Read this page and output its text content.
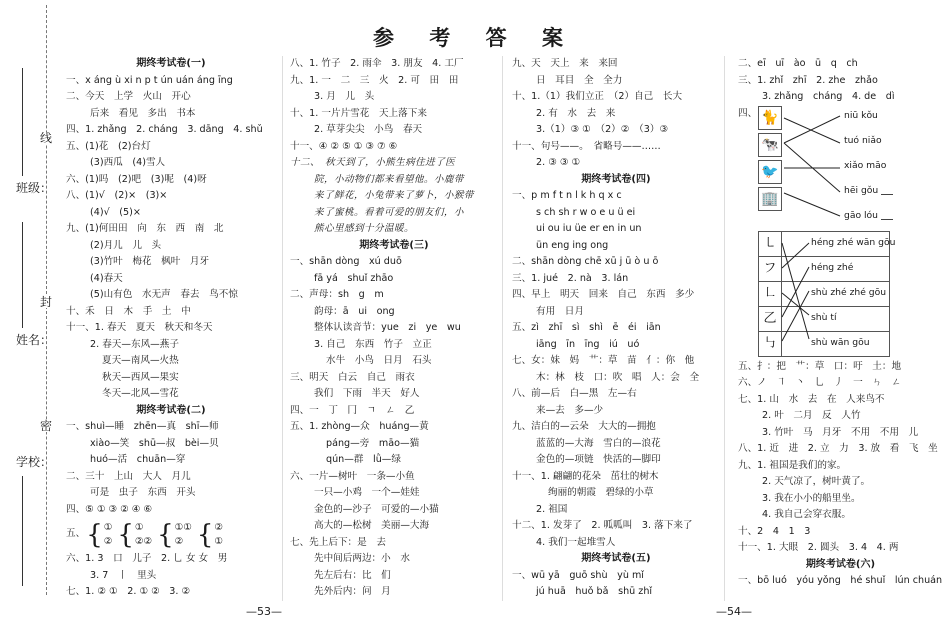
班级：
线
封
姓名：
密
学校：
参 考 答 案
期终考试卷(一)
一、x áng ù xi n p t ún uán áng īng
二、今天　上学　火山　开心
后来　看见　多出　书本
四、1. zhǎng　2. cháng　3. dāng　4. shǔ
五、(1)花　(2)台灯
(3)西瓜　(4)雪人
六、(1)吗　(2)吧　(3)呢　(4)呀
八、(1)√　(2)×　(3)×
(4)√　(5)×
九、(1)何田田　向　东　西　南　北
(2)月儿　儿　头
(3)竹叶　梅花　枫叶　月牙
(4)春天
(5)山有色　水无声　春去　鸟不惊
十、禾　日　木　手　土　中
十一、1. 春天　夏天　秋天和冬天
2. 春天—东风—燕子
夏天—南风—火热
秋天—西风—果实
冬天—北风—雪花
期终考试卷(二)
一、shuì—睡　zhēn—真　shī—师
xiào—笑　shū—叔　bèi—贝
huó—活　chuān—穿
二、三十　上山　大人　月儿
可是　虫子　东西　开头
四、⑤ ① ③ ② ④ ⑥
五、 { ①
② { ①
②② { ①①
② { ②
①
六、1. 3　口　儿子　2. 乚 女 女　男
3. 7　丨　里头
七、1. ② ①　2. ① ②　3. ②
八、1. 竹子　2. 雨伞　3. 朋友　4. 工厂
九、1. 一　二　三　火　2. 可　田　田
3. 月　儿　头
十、1. 一片片雪花　天上落下来
2. 草芽尖尖　小鸟　春天
十一、④ ② ⑤ ① ③ ⑦ ⑥
十二、　秋天到了，小熊生病住进了医
院，小动物们都来看望他。小鹿带
来了鲜花，小兔带来了萝卜，小猴带
来了蜜桃。看着可爱的朋友们，小
熊心里感到十分温暖。
期终考试卷(三)
一、shān dòng　xú duō
fā yá　shuǐ zhāo
二、声母：sh　g　m
韵母：ā　ui　ong
整体认读音节：yue　zi　ye　wu
3. 自己　东西　竹子　立正
水牛　小鸟　日月　石头
三、明天　白云　自己　雨衣
我们　下雨　半天　好人
四、一　丁　冂　ㄱ　ㄥ　乙
五、1. zhòng—众　huáng—黄
páng—旁　māo—猫
qún—群　lǜ—绿
六、一片—树叶　一条—小鱼
一只—小鸡　一个—娃娃
金色的—沙子　可爱的—小猫
高大的—松树　美丽—大海
七、先上后下：是　去
先中间后两边：小　水
先左后右：比　们
先外后内：问　月
九、天　天上　来　来回
日　耳目　全　全力
十、1.（1）我们立正　（2）自己　长大
2. 有　水　去　来
3.（1）③ ①　（2）②　（3）③
十一、句号——。　省略号——……
2. ③ ③ ①
期终考试卷(四)
一、p m f t n l k h q x c
s ch sh r w o e u ü ei
ui ou iu üe er en in un
ün eng ing ong
二、shān dòng chē xū j ū ò u ō
三、1. jué　2. nà　3. lán
四、早上　明天　回来　自己　东西　多少
有用　日月
五、zì　zhī　sì　shì　ē　éi　iān
iāng　īn　īng　iú　uó
七、女：妹　妈　艹：草　苗　亻：你　他
木：林　枝　口：吹　唱　人：会　全
八、前—后　白—黑　左—右
来—去　多—少
九、洁白的—云朵　大大的—拥抱
蓝蓝的—大海　雪白的—浪花
金色的—项链　快活的—脚印
十一、1. 翩翩的花朵　茁壮的树木
绚丽的朝霞　碧绿的小草
2. 祖国
十二、1. 发芽了　2. 呱呱叫　3. 落下来了
4. 我们一起堆雪人
期终考试卷(五)
一、wū yā　guō shù　yù mǐ
jú huā　huǒ bǎ　shū zhǐ
二、eī　uī　ào　ū　q　ch
三、1. zhǐ　zhī　2. zhe　zhǎo
3. zhǎng　cháng　4. de　dì
四、 🐈
🐄
🐦
🏢
niū kǒu
tuó niǎo
xiǎo māo
hēi gǒu
gāo lóu
㇄	héng zhé wān gōu
フ	héng zhé
㇗	shù zhé zhé gōu
乙	shù tí
㇉	shù wān gōu
五、扌：把　艹：草　口：吁　土：地
六、ノ　㇕　丶　乚　丿　一　ㄣ　ㄥ
七、1. 山　水　去　在　人来鸟不
2. 叶　二月　反　人竹
3. 竹叶　马　月牙　不用　不用　儿
八、1. 近　进　2. 立　力　3. 放　看　飞　坐
九、1. 祖国是我们的家。
2. 天气凉了，树叶黄了。
3. 我在小小的船里坐。
4. 我自己会穿衣服。
十、2　4　1　3
十一、1. 大眼　2. 圆头　3. 4　4. 两
期终考试卷(六)
一、bō luó　yóu yǒng　hé shuǐ　lún chuán
—53—	—54—
